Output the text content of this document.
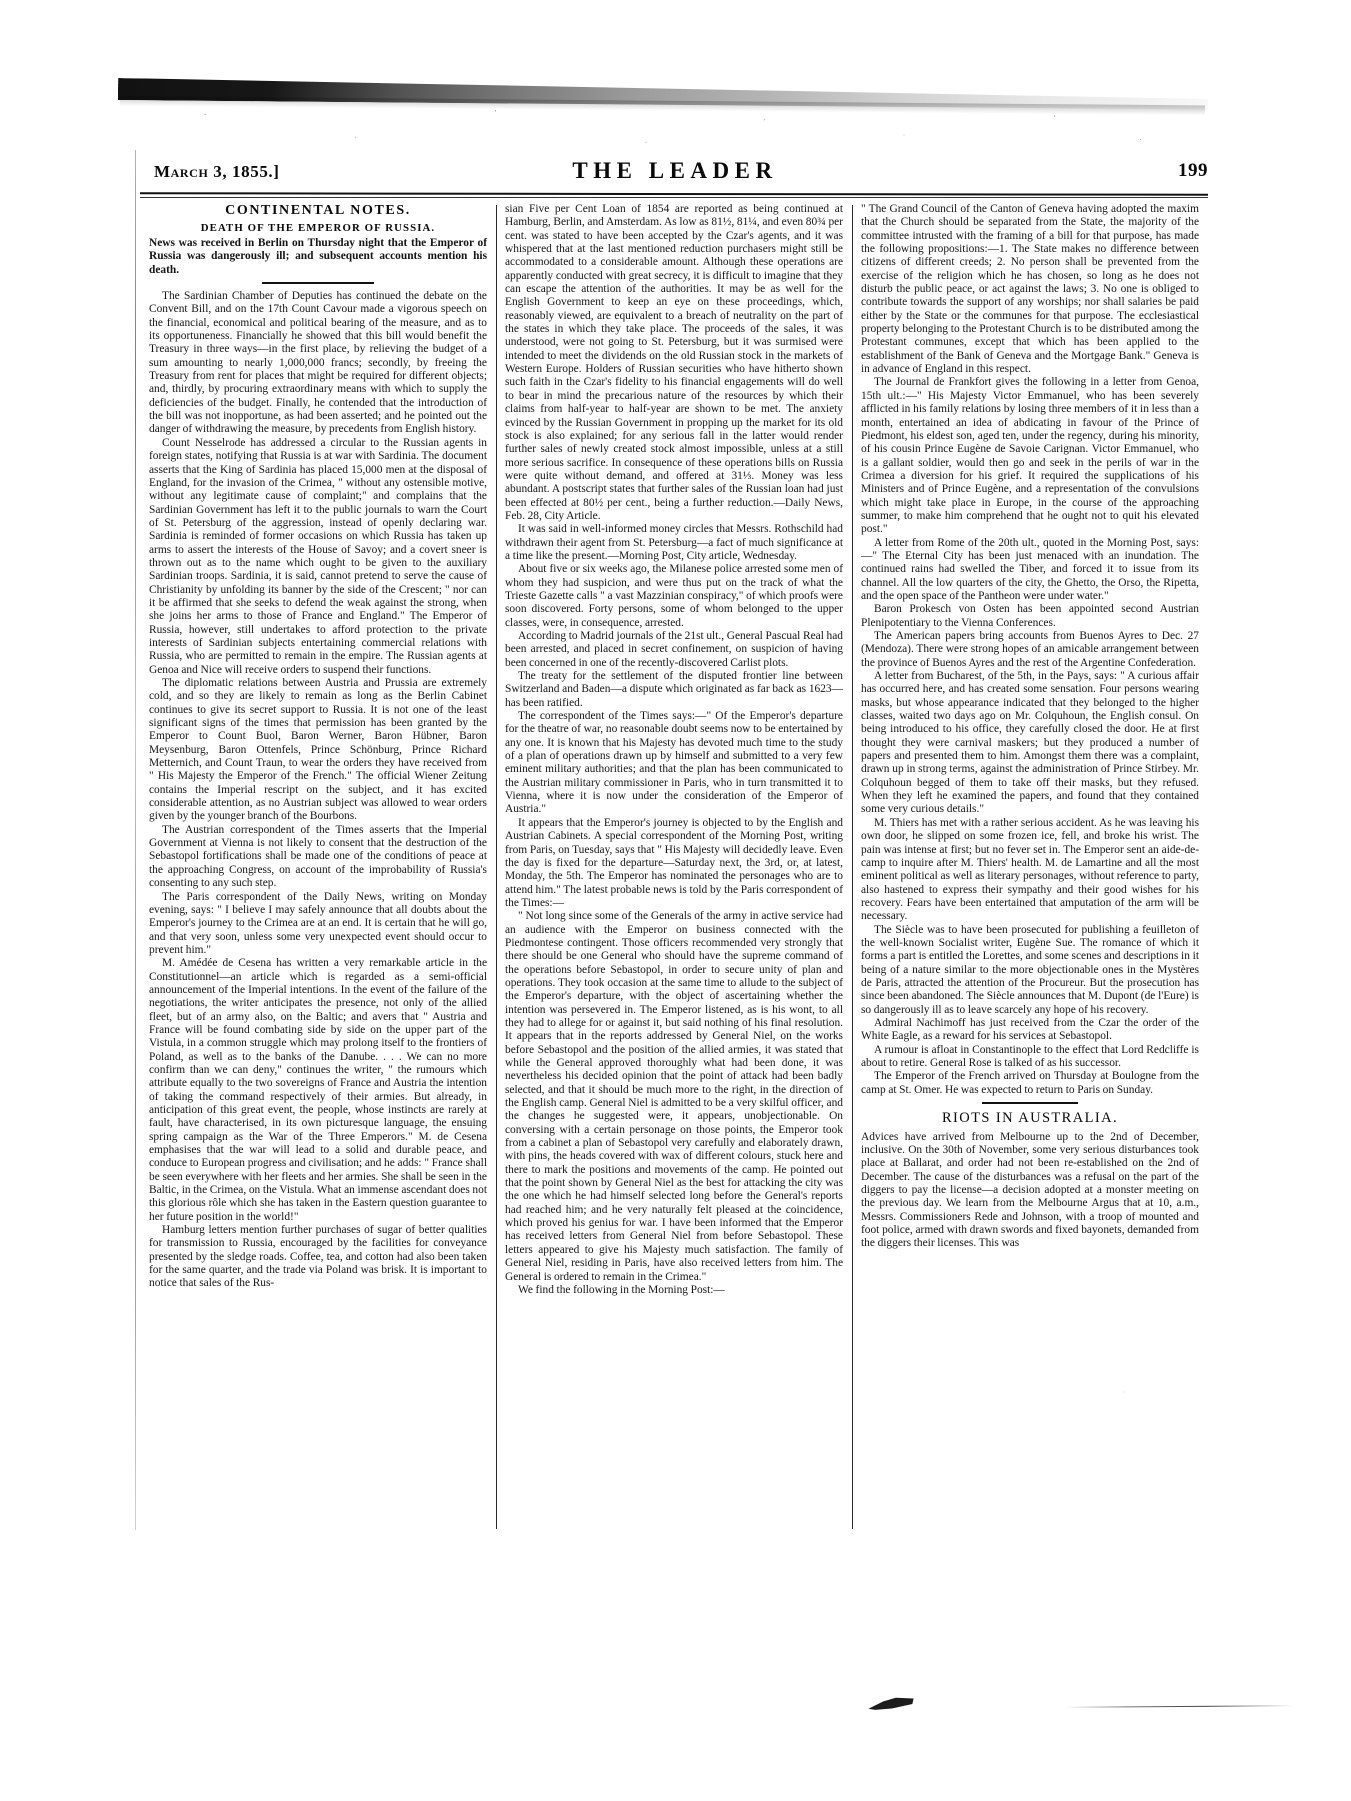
March 3, 1855.]	THE LEADER	199
CONTINENTAL NOTES.
DEATH OF THE EMPEROR OF RUSSIA.

News was received in Berlin on Thursday night that the Emperor of Russia was dangerously ill; and subsequent accounts mention his death.

The Sardinian Chamber of Deputies has continued the debate on the Convent Bill, and on the 17th Count Cavour made a vigorous speech on the financial, economical and political bearing of the measure, and as to its opportuneness. Financially he showed that this bill would benefit the Treasury in three ways—in the first place, by relieving the budget of a sum amounting to nearly 1,000,000 francs; secondly, by freeing the Treasury from rent for places that might be required for different objects; and, thirdly, by procuring extraordinary means with which to supply the deficiencies of the budget. Finally, he contended that the introduction of the bill was not inopportune, as had been asserted; and he pointed out the danger of withdrawing the measure, by precedents from English history.

Count Nesselrode has addressed a circular to the Russian agents in foreign states, notifying that Russia is at war with Sardinia. The document asserts that the King of Sardinia has placed 15,000 men at the disposal of England, for the invasion of the Crimea, " without any ostensible motive, without any legitimate cause of complaint;" and complains that the Sardinian Government has left it to the public journals to warn the Court of St. Petersburg of the aggression, instead of openly declaring war. Sardinia is reminded of former occasions on which Russia has taken up arms to assert the interests of the House of Savoy; and a covert sneer is thrown out as to the name which ought to be given to the auxiliary Sardinian troops. Sardinia, it is said, cannot pretend to serve the cause of Christianity by unfolding its banner by the side of the Crescent; " nor can it be affirmed that she seeks to defend the weak against the strong, when she joins her arms to those of France and England." The Emperor of Russia, however, still undertakes to afford protection to the private interests of Sardinian subjects entertaining commercial relations with Russia, who are permitted to remain in the empire. The Russian agents at Genoa and Nice will receive orders to suspend their functions.

The diplomatic relations between Austria and Prussia are extremely cold, and so they are likely to remain as long as the Berlin Cabinet continues to give its secret support to Russia. It is not one of the least significant signs of the times that permission has been granted by the Emperor to Count Buol, Baron Werner, Baron Hübner, Baron Meysenburg, Baron Ottenfels, Prince Schönburg, Prince Richard Metternich, and Count Traun, to wear the orders they have received from " His Majesty the Emperor of the French." The official Wiener Zeitung contains the Imperial rescript on the subject, and it has excited considerable attention, as no Austrian subject was allowed to wear orders given by the younger branch of the Bourbons.

The Austrian correspondent of the Times asserts that the Imperial Government at Vienna is not likely to consent that the destruction of the Sebastopol fortifications shall be made one of the conditions of peace at the approaching Congress, on account of the improbability of Russia's consenting to any such step.

The Paris correspondent of the Daily News, writing on Monday evening, says: " I believe I may safely announce that all doubts about the Emperor's journey to the Crimea are at an end. It is certain that he will go, and that very soon, unless some very unexpected event should occur to prevent him."

M. Amédée de Cesena has written a very remarkable article in the Constitutionnel—an article which is regarded as a semi-official announcement of the Imperial intentions. In the event of the failure of the negotiations, the writer anticipates the presence, not only of the allied fleet, but of an army also, on the Baltic; and avers that " Austria and France will be found combating side by side on the upper part of the Vistula, in a common struggle which may prolong itself to the frontiers of Poland, as well as to the banks of the Danube. . . . We can no more confirm than we can deny," continues the writer, " the rumours which attribute equally to the two sovereigns of France and Austria the intention of taking the command respectively of their armies. But already, in anticipation of this great event, the people, whose instincts are rarely at fault, have characterised, in its own picturesque language, the ensuing spring campaign as the War of the Three Emperors." M. de Cesena emphasises that the war will lead to a solid and durable peace, and conduce to European progress and civilisation; and he adds: " France shall be seen everywhere with her fleets and her armies. She shall be seen in the Baltic, in the Crimea, on the Vistula. What an immense ascendant does not this glorious rôle which she has taken in the Eastern question guarantee to her future position in the world!"

Hamburg letters mention further purchases of sugar of better qualities for transmission to Russia, encouraged by the facilities for conveyance presented by the sledge roads. Coffee, tea, and cotton had also been taken for the same quarter, and the trade via Poland was brisk. It is important to notice that sales of the Rus-

sian Five per Cent Loan of 1854 are reported as being continued at Hamburg, Berlin, and Amsterdam. As low as 81½, 81¼, and even 80¾ per cent. was stated to have been accepted by the Czar's agents, and it was whispered that at the last mentioned reduction purchasers might still be accommodated to a considerable amount. Although these operations are apparently conducted with great secrecy, it is difficult to imagine that they can escape the attention of the authorities. It may be as well for the English Government to keep an eye on these proceedings, which, reasonably viewed, are equivalent to a breach of neutrality on the part of the states in which they take place. The proceeds of the sales, it was understood, were not going to St. Petersburg, but it was surmised were intended to meet the dividends on the old Russian stock in the markets of Western Europe. Holders of Russian securities who have hitherto shown such faith in the Czar's fidelity to his financial engagements will do well to bear in mind the precarious nature of the resources by which their claims from half-year to half-year are shown to be met. The anxiety evinced by the Russian Government in propping up the market for its old stock is also explained; for any serious fall in the latter would render further sales of newly created stock almost impossible, unless at a still more serious sacrifice. In consequence of these operations bills on Russia were quite without demand, and offered at 31⅓. Money was less abundant. A postscript states that further sales of the Russian loan had just been effected at 80½ per cent., being a further reduction.—Daily News, Feb. 28, City Article.

It was said in well-informed money circles that Messrs. Rothschild had withdrawn their agent from St. Petersburg—a fact of much significance at a time like the present.—Morning Post, City article, Wednesday.

About five or six weeks ago, the Milanese police arrested some men of whom they had suspicion, and were thus put on the track of what the Trieste Gazette calls " a vast Mazzinian conspiracy," of which proofs were soon discovered. Forty persons, some of whom belonged to the upper classes, were, in consequence, arrested.

According to Madrid journals of the 21st ult., General Pascual Real had been arrested, and placed in secret confinement, on suspicion of having been concerned in one of the recently-discovered Carlist plots.

The treaty for the settlement of the disputed frontier line between Switzerland and Baden—a dispute which originated as far back as 1623—has been ratified.

The correspondent of the Times says:—" Of the Emperor's departure for the theatre of war, no reasonable doubt seems now to be entertained by any one. It is known that his Majesty has devoted much time to the study of a plan of operations drawn up by himself and submitted to a very few eminent military authorities; and that the plan has been communicated to the Austrian military commissioner in Paris, who in turn transmitted it to Vienna, where it is now under the consideration of the Emperor of Austria."

It appears that the Emperor's journey is objected to by the English and Austrian Cabinets. A special correspondent of the Morning Post, writing from Paris, on Tuesday, says that " His Majesty will decidedly leave. Even the day is fixed for the departure—Saturday next, the 3rd, or, at latest, Monday, the 5th. The Emperor has nominated the personages who are to attend him." The latest probable news is told by the Paris correspondent of the Times:—

" Not long since some of the Generals of the army in active service had an audience with the Emperor on business connected with the Piedmontese contingent. Those officers recommended very strongly that there should be one General who should have the supreme command of the operations before Sebastopol, in order to secure unity of plan and operations. They took occasion at the same time to allude to the subject of the Emperor's departure, with the object of ascertaining whether the intention was persevered in. The Emperor listened, as is his wont, to all they had to allege for or against it, but said nothing of his final resolution. It appears that in the reports addressed by General Niel, on the works before Sebastopol and the position of the allied armies, it was stated that while the General approved thoroughly what had been done, it was nevertheless his decided opinion that the point of attack had been badly selected, and that it should be much more to the right, in the direction of the English camp. General Niel is admitted to be a very skilful officer, and the changes he suggested were, it appears, unobjectionable. On conversing with a certain personage on those points, the Emperor took from a cabinet a plan of Sebastopol very carefully and elaborately drawn, with pins, the heads covered with wax of different colours, stuck here and there to mark the positions and movements of the camp. He pointed out that the point shown by General Niel as the best for attacking the city was the one which he had himself selected long before the General's reports had reached him; and he very naturally felt pleased at the coincidence, which proved his genius for war. I have been informed that the Emperor has received letters from General Niel from before Sebastopol. These letters appeared to give his Majesty much satisfaction. The family of General Niel, residing in Paris, have also received letters from him. The General is ordered to remain in the Crimea."

We find the following in the Morning Post:—

" The Grand Council of the Canton of Geneva having adopted the maxim that the Church should be separated from the State, the majority of the committee intrusted with the framing of a bill for that purpose, has made the following propositions:—1. The State makes no difference between citizens of different creeds; 2. No person shall be prevented from the exercise of the religion which he has chosen, so long as he does not disturb the public peace, or act against the laws; 3. No one is obliged to contribute towards the support of any worships; nor shall salaries be paid either by the State or the communes for that purpose. The ecclesiastical property belonging to the Protestant Church is to be distributed among the Protestant communes, except that which has been applied to the establishment of the Bank of Geneva and the Mortgage Bank." Geneva is in advance of England in this respect.

The Journal de Frankfort gives the following in a letter from Genoa, 15th ult.:—" His Majesty Victor Emmanuel, who has been severely afflicted in his family relations by losing three members of it in less than a month, entertained an idea of abdicating in favour of the Prince of Piedmont, his eldest son, aged ten, under the regency, during his minority, of his cousin Prince Eugène de Savoie Carignan. Victor Emmanuel, who is a gallant soldier, would then go and seek in the perils of war in the Crimea a diversion for his grief. It required the supplications of his Ministers and of Prince Eugène, and a representation of the convulsions which might take place in Europe, in the course of the approaching summer, to make him comprehend that he ought not to quit his elevated post."

A letter from Rome of the 20th ult., quoted in the Morning Post, says:—" The Eternal City has been just menaced with an inundation. The continued rains had swelled the Tiber, and forced it to issue from its channel. All the low quarters of the city, the Ghetto, the Orso, the Ripetta, and the open space of the Pantheon were under water."

Baron Prokesch von Osten has been appointed second Austrian Plenipotentiary to the Vienna Conferences.

The American papers bring accounts from Buenos Ayres to Dec. 27 (Mendoza). There were strong hopes of an amicable arrangement between the province of Buenos Ayres and the rest of the Argentine Confederation.

A letter from Bucharest, of the 5th, in the Pays, says: " A curious affair has occurred here, and has created some sensation. Four persons wearing masks, but whose appearance indicated that they belonged to the higher classes, waited two days ago on Mr. Colquhoun, the English consul. On being introduced to his office, they carefully closed the door. He at first thought they were carnival maskers; but they produced a number of papers and presented them to him. Amongst them there was a complaint, drawn up in strong terms, against the administration of Prince Stirbey. Mr. Colquhoun begged of them to take off their masks, but they refused. When they left he examined the papers, and found that they contained some very curious details."

M. Thiers has met with a rather serious accident. As he was leaving his own door, he slipped on some frozen ice, fell, and broke his wrist. The pain was intense at first; but no fever set in. The Emperor sent an aide-de-camp to inquire after M. Thiers' health. M. de Lamartine and all the most eminent political as well as literary personages, without reference to party, also hastened to express their sympathy and their good wishes for his recovery. Fears have been entertained that amputation of the arm will be necessary.

The Siècle was to have been prosecuted for publishing a feuilleton of the well-known Socialist writer, Eugène Sue. The romance of which it forms a part is entitled the Lorettes, and some scenes and descriptions in it being of a nature similar to the more objectionable ones in the Mystères de Paris, attracted the attention of the Procureur. But the prosecution has since been abandoned. The Siècle announces that M. Dupont (de l'Eure) is so dangerously ill as to leave scarcely any hope of his recovery.

Admiral Nachimoff has just received from the Czar the order of the White Eagle, as a reward for his services at Sebastopol.

A rumour is afloat in Constantinople to the effect that Lord Redcliffe is about to retire. General Rose is talked of as his successor.

The Emperor of the French arrived on Thursday at Boulogne from the camp at St. Omer. He was expected to return to Paris on Sunday.

RIOTS IN AUSTRALIA.

Advices have arrived from Melbourne up to the 2nd of December, inclusive. On the 30th of November, some very serious disturbances took place at Ballarat, and order had not been re-established on the 2nd of December. The cause of the disturbances was a refusal on the part of the diggers to pay the license—a decision adopted at a monster meeting on the previous day. We learn from the Melbourne Argus that at 10, a.m., Messrs. Commissioners Rede and Johnson, with a troop of mounted and foot police, armed with drawn swords and fixed bayonets, demanded from the diggers their licenses. This was
